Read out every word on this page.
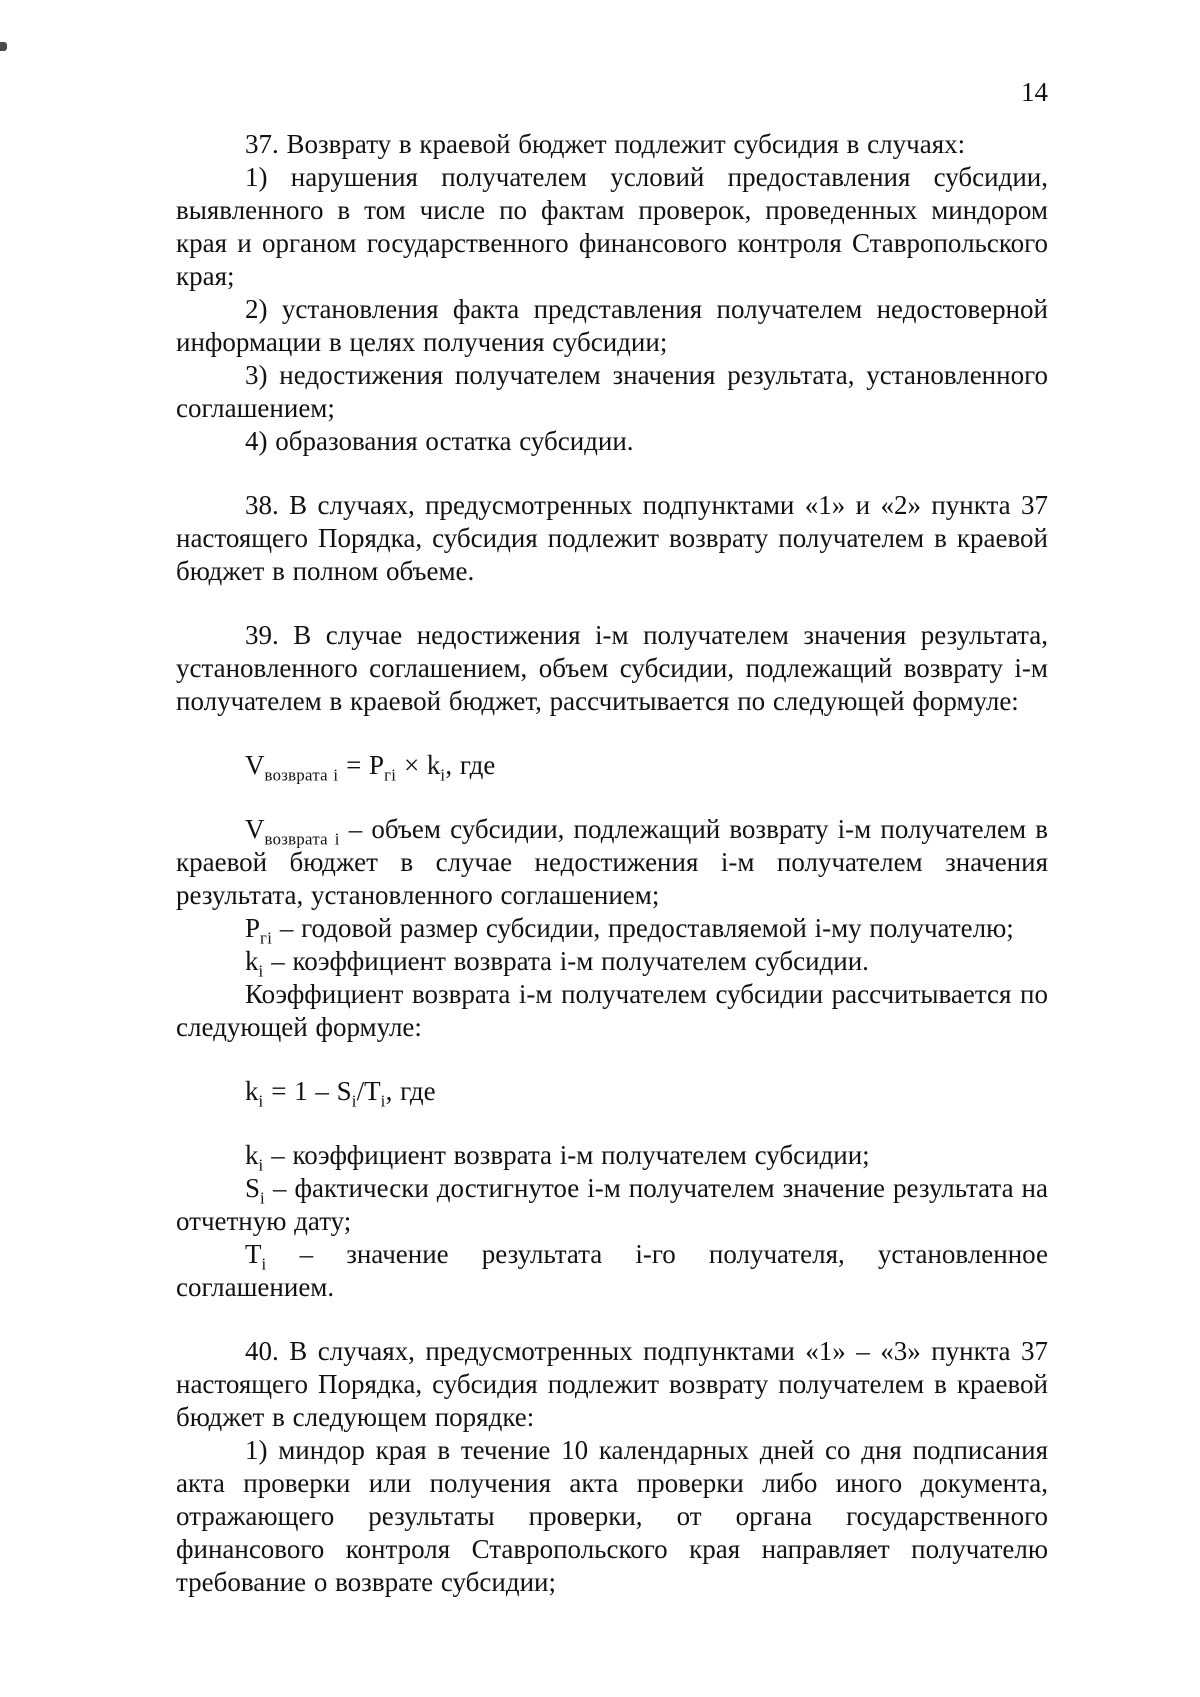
14

37. Возврату в краевой бюджет подлежит субсидия в случаях:

1) нарушения получателем условий предоставления субсидии, выявленного в том числе по фактам проверок, проведенных миндором края и органом государственного финансового контроля Ставропольского края;

2) установления факта представления получателем недостоверной информации в целях получения субсидии;

3) недостижения получателем значения результата, установленного соглашением;

4) образования остатка субсидии.

38. В случаях, предусмотренных подпунктами «1» и «2» пункта 37 настоящего Порядка, субсидия подлежит возврату получателем в краевой бюджет в полном объеме.

39. В случае недостижения i-м получателем значения результата, установленного соглашением, объем субсидии, подлежащий возврату i-м получателем в краевой бюджет, рассчитывается по следующей формуле:

$V_{возврата i} = P_{гi} \times k_i$, где

$V_{возврата i}$ – объем субсидии, подлежащий возврату i-м получателем в краевой бюджет в случае недостижения i-м получателем значения результата, установленного соглашением;

$P_{гi}$ – годовой размер субсидии, предоставляемой i-му получателю;

$k_i$ – коэффициент возврата i-м получателем субсидии.

Коэффициент возврата i-м получателем субсидии рассчитывается по следующей формуле:

$k_i = 1 - S_i/T_i$, где

$k_i$ – коэффициент возврата i-м получателем субсидии;

$S_i$ – фактически достигнутое i-м получателем значение результата на отчетную дату;

$T_i$ – значение результата i-го получателя, установленное соглашением.

40. В случаях, предусмотренных подпунктами «1» – «3» пункта 37 настоящего Порядка, субсидия подлежит возврату получателем в краевой бюджет в следующем порядке:

1) миндор края в течение 10 календарных дней со дня подписания акта проверки или получения акта проверки либо иного документа, отражающего результаты проверки, от органа государственного финансового контроля Ставропольского края направляет получателю требование о возврате субсидии;
